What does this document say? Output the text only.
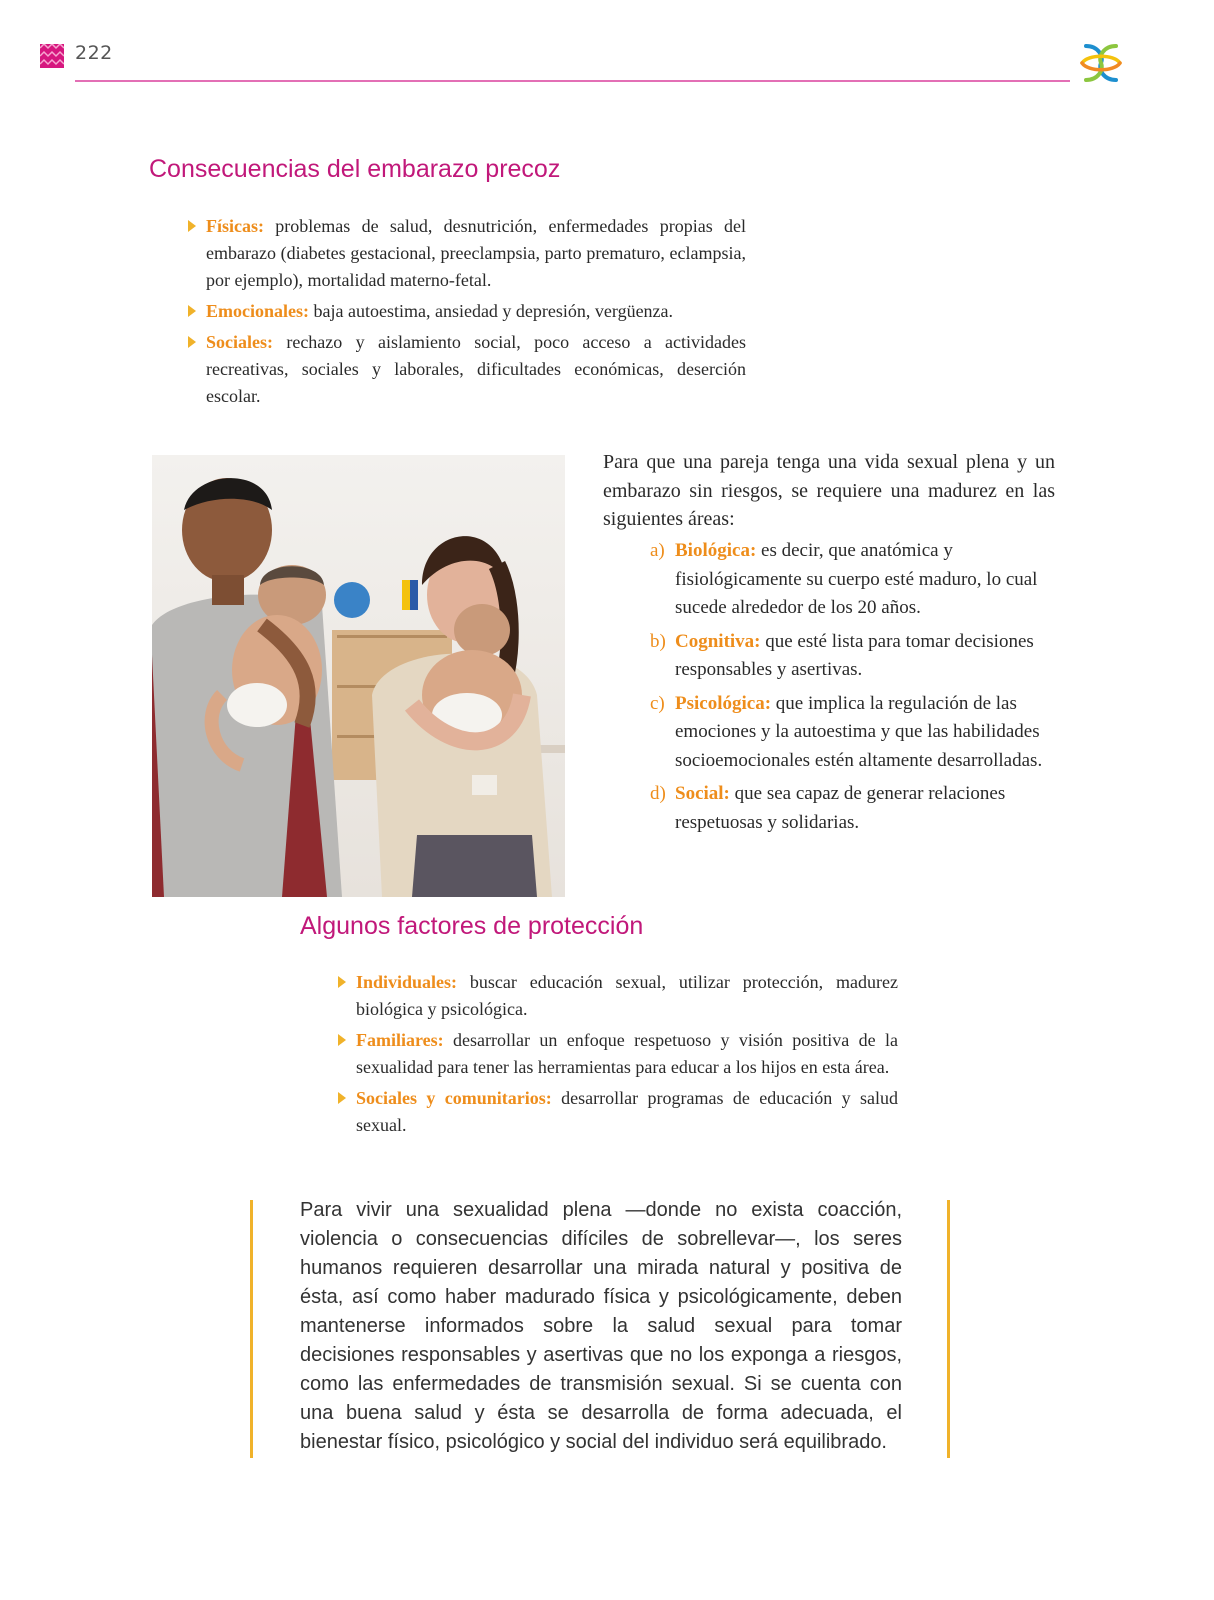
222
Consecuencias del embarazo precoz
Físicas: problemas de salud, desnutrición, enfermedades propias del embarazo (diabetes gestacional, preeclampsia, parto prematuro, eclampsia, por ejemplo), mortalidad materno-fetal.
Emocionales: baja autoestima, ansiedad y depresión, vergüenza.
Sociales: rechazo y aislamiento social, poco acceso a actividades recreativas, sociales y laborales, dificultades económicas, deserción escolar.

Para que una pareja tenga una vida sexual plena y un embarazo sin riesgos, se requiere una madurez en las siguientes áreas:

a) Biológica: es decir, que anatómica y fisiológicamente su cuerpo esté maduro, lo cual sucede alrededor de los 20 años.
b) Cognitiva: que esté lista para tomar decisiones responsables y asertivas.
c) Psicológica: que implica la regulación de las emociones y la autoestima y que las habilidades socioemocionales estén altamente desarrolladas.
d) Social: que sea capaz de generar relaciones respetuosas y solidarias.
Algunos factores de protección
Individuales: buscar educación sexual, utilizar protección, madurez biológica y psicológica.
Familiares: desarrollar un enfoque respetuoso y visión positiva de la sexualidad para tener las herramientas para educar a los hijos en esta área.
Sociales y comunitarios: desarrollar programas de educación y salud sexual.

Para vivir una sexualidad plena —donde no exista coacción, violencia o consecuencias difíciles de sobrellevar—, los seres humanos requieren desarrollar una mirada natural y positiva de ésta, así como haber madurado física y psicológicamente, deben mantenerse informados sobre la salud sexual para tomar decisiones responsables y asertivas que no los exponga a riesgos, como las enfermedades de transmisión sexual. Si se cuenta con una buena salud y ésta se desarrolla de forma adecuada, el bienestar físico, psicológico y social del individuo será equilibrado.
